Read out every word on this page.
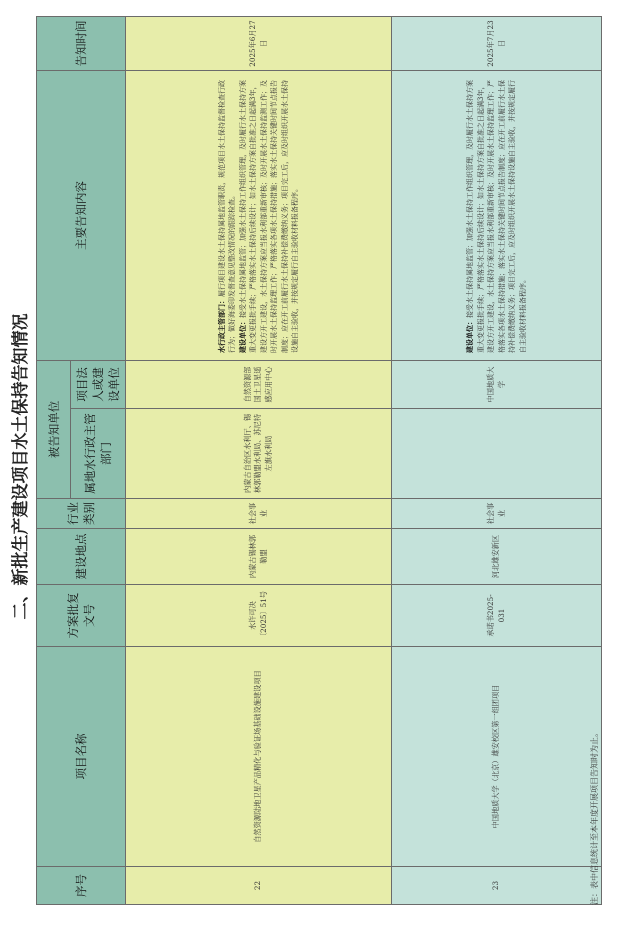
二、新批生产建设项目水土保持告知情况
序号	项目名称	方案批复文号	建设地点	行业类别	被告知单位		主要告知内容	告知时间
					属地水行政主管部门	项目法人或建设单位		
22	自然资源陆地卫星产品精化与验证场基础设施建设项目	水许可决〔2025〕51号	内蒙古锡林郭勒盟	社会事业	内蒙古自治区水利厅、锡林郭勒盟水利局、苏尼特左旗水利局	自然资源部国土卫星遥感应用中心	水行政主管部门：履行项目建设水土保持属地监管职责，规范项目水土保持监督检查行政行为；做好海委印发督查意见整改情况的跟踪检查。 建设单位：接受水土保持属地监管；加强水土保持工作组织管理，及时履行水土保持方案重大变更报批手续；严格落实水土保持后续设计；如水土保持方案自批准之日起满3年，建设方开工建设，水土保持方案应当报水利部重新审核；及时开展水土保持监测工作；及时开展水土保持监理工作；严格落实各项水土保持措施；落实水土保持关键时间节点报告制度；应在开工前履行水土保持补偿费缴纳义务；项目完工后，应及时组织开展水土保持设施自主验收，并按规定履行自主验收材料报备程序。	2025年6月27日
23	中国地质大学（北京）雄安校区第一组团项目	承诺书2025-031	河北雄安新区	社会事业		中国地质大学	建设单位：接受水土保持属地监管；加强水土保持工作组织管理，及时履行水土保持方案重大变更报批手续；严格落实水土保持后续设计；如水土保持方案自批准之日起满3年，建设方开工建设，水土保持方案应当报水利部重新审核；及时开展水土保持监理工作；严格落实各项水土保持措施；落实水土保持关键时间节点报告制度；应在开工前履行水土保持补偿费缴纳义务；项目完工后，应及时组织开展水土保持设施自主验收，并按规定履行自主验收材料报备程序。	2025年7月23日
注：表中信息统计至本年度开展项目告知时为止。
